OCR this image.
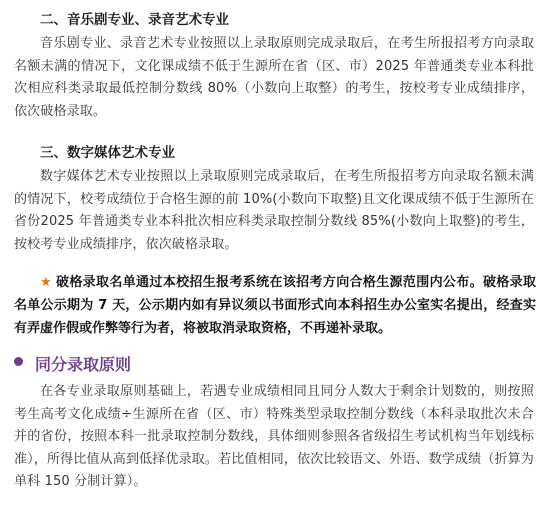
二、音乐剧专业、录音艺术专业
音乐剧专业、录音艺术专业按照以上录取原则完成录取后，在考生所报招考方向录取名额未满的情况下，文化课成绩不低于生源所在省（区、市）2025 年普通类专业本科批次相应科类录取最低控制分数线 80%（小数向上取整）的考生，按校考专业成绩排序，依次破格录取。
三、数字媒体艺术专业
数字媒体艺术专业按照以上录取原则完成录取后，在考生所报招考方向录取名额未满的情况下，校考成绩位于合格生源的前 10%(小数向下取整)且文化课成绩不低于生源所在省份2025 年普通类专业本科批次相应科类录取控制分数线 85%(小数向上取整)的考生，按校考专业成绩排序，依次破格录取。
★ 破格录取名单通过本校招生报考系统在该招考方向合格生源范围内公布。破格录取名单公示期为 7 天，公示期内如有异议须以书面形式向本科招生办公室实名提出，经查实有弄虚作假或作弊等行为者，将被取消录取资格，不再递补录取。
同分录取原则
在各专业录取原则基础上，若遇专业成绩相同且同分人数大于剩余计划数的，则按照考生高考文化成绩÷生源所在省（区、市）特殊类型录取控制分数线（本科录取批次未合并的省份，按照本科一批录取控制分数线，具体细则参照各省级招生考试机构当年划线标准），所得比值从高到低择优录取。若比值相同，依次比较语文、外语、数学成绩（折算为单科 150 分制计算）。
